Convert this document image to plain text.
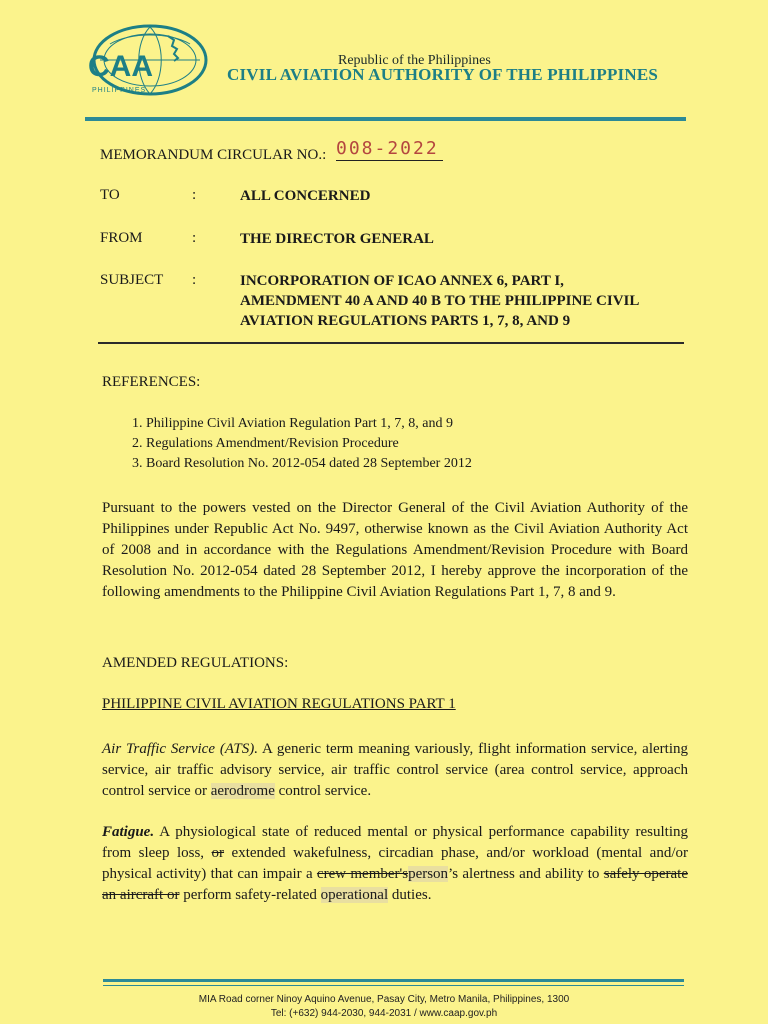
CAA
PHILIPPINES
Republic of the Philippines
CIVIL AVIATION AUTHORITY OF THE PHILIPPINES
MEMORANDUM CIRCULAR NO.: 008-2022
TO	:	ALL CONCERNED
FROM	:	THE DIRECTOR GENERAL
SUBJECT :	INCORPORATION OF ICAO ANNEX 6, PART I,
AMENDMENT 40 A AND 40 B TO THE PHILIPPINE CIVIL
AVIATION REGULATIONS PARTS 1, 7, 8, AND 9
REFERENCES:
1. Philippine Civil Aviation Regulation Part 1, 7, 8, and 9
2. Regulations Amendment/Revision Procedure
3. Board Resolution No. 2012-054 dated 28 September 2012
Pursuant to the powers vested on the Director General of the Civil Aviation Authority of the Philippines under Republic Act No. 9497, otherwise known as the Civil Aviation Authority Act of 2008 and in accordance with the Regulations Amendment/Revision Procedure with Board Resolution No. 2012-054 dated 28 September 2012, I hereby approve the incorporation of the following amendments to the Philippine Civil Aviation Regulations Part 1, 7, 8 and 9.
AMENDED REGULATIONS:
PHILIPPINE CIVIL AVIATION REGULATIONS PART 1
Air Traffic Service (ATS). A generic term meaning variously, flight information service, alerting service, air traffic advisory service, air traffic control service (area control service, approach control service or aerodrome control service.
Fatigue. A physiological state of reduced mental or physical performance capability resulting from sleep loss, or extended wakefulness, circadian phase, and/or workload (mental and/or physical activity) that can impair a crew member'sperson’s alertness and ability to safely operate an aircraft or perform safety-related operational duties.
MIA Road corner Ninoy Aquino Avenue, Pasay City, Metro Manila, Philippines, 1300
Tel: (+632) 944-2030, 944-2031 / www.caap.gov.ph
